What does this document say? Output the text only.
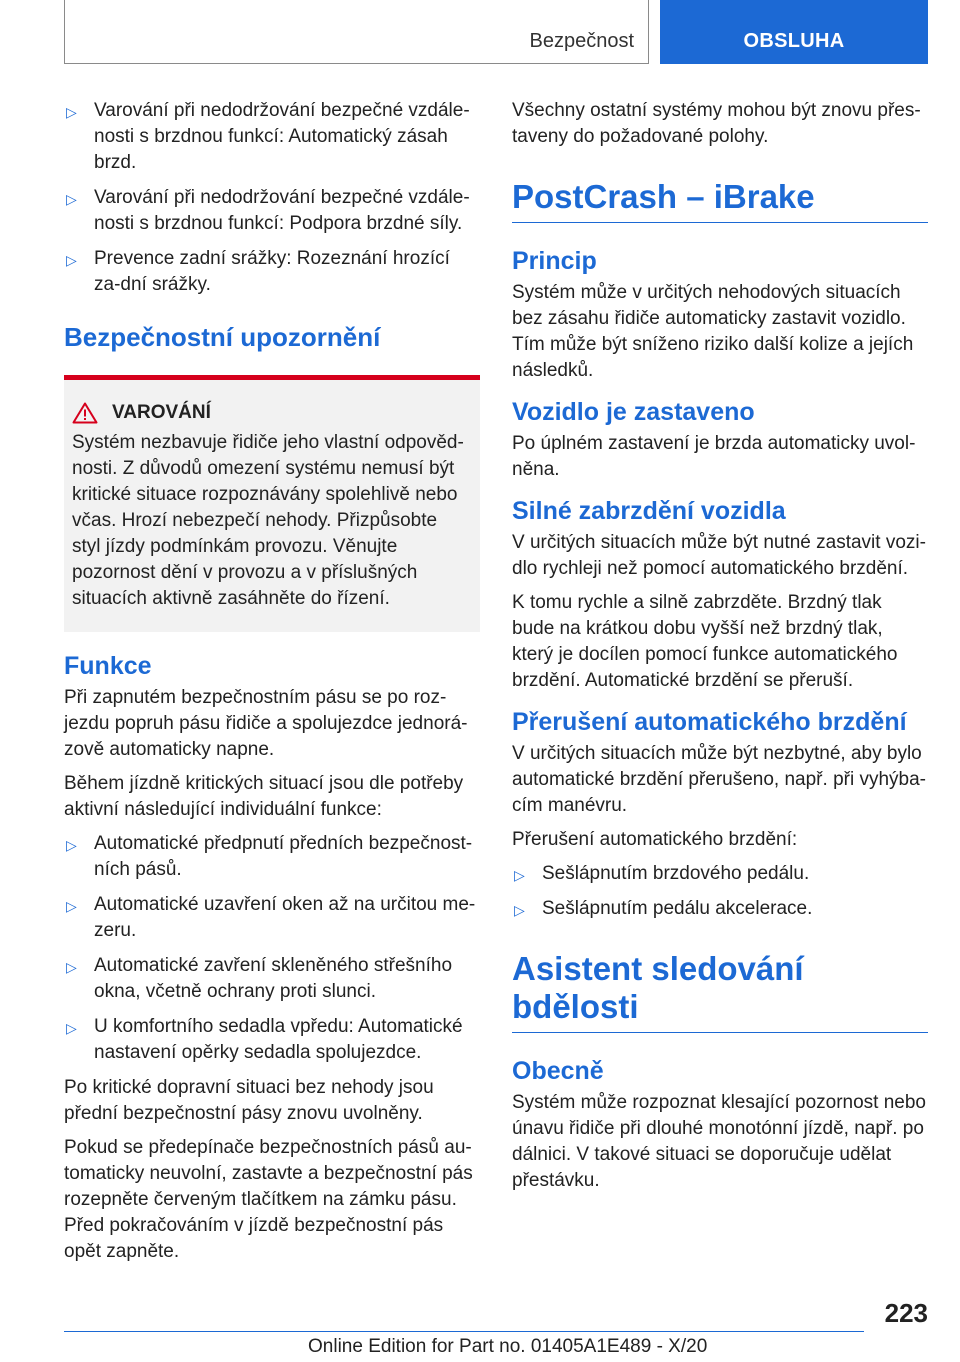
Bezpečnost	OBSLUHA
▷ Varování při nedodržování bezpečné vzdále-nosti s brzdnou funkcí: Automatický zásah brzd.
▷ Varování při nedodržování bezpečné vzdále-nosti s brzdnou funkcí: Podpora brzdné síly.
▷ Prevence zadní srážky: Rozeznání hrozící za-dní srážky.
Bezpečnostní upozornění
VAROVÁNÍ

Systém nezbavuje řidiče jeho vlastní odpověd-nosti. Z důvodů omezení systému nemusí být kritické situace rozpoznávány spolehlivě nebo včas. Hrozí nebezpečí nehody. Přizpůsobte styl jízdy podmínkám provozu. Věnujte pozornost dění v provozu a v příslušných situacích aktivně zasáhněte do řízení.

Funkce

Při zapnutém bezpečnostním pásu se po roz-jezdu popruh pásu řidiče a spolujezdce jednorá-zově automaticky napne.

Během jízdně kritických situací jsou dle potřeby aktivní následující individuální funkce:

▷ Automatické předpnutí předních bezpečnost-ních pásů.
▷ Automatické uzavření oken až na určitou me-zeru.
▷ Automatické zavření skleněného střešního okna, včetně ochrany proti slunci.
▷ U komfortního sedadla vpředu: Automatické nastavení opěrky sedadla spolujezdce.

Po kritické dopravní situaci bez nehody jsou přední bezpečnostní pásy znovu uvolněny.

Pokud se předepínače bezpečnostních pásů au-tomaticky neuvolní, zastavte a bezpečnostní pás rozepněte červeným tlačítkem na zámku pásu. Před pokračováním v jízdě bezpečnostní pás opět zapněte.

Všechny ostatní systémy mohou být znovu přes-taveny do požadované polohy.

PostCrash – iBrake
Princip

Systém může v určitých nehodových situacích bez zásahu řidiče automaticky zastavit vozidlo. Tím může být sníženo riziko další kolize a jejích následků.

Vozidlo je zastaveno

Po úplném zastavení je brzda automaticky uvol-něna.

Silné zabrzdění vozidla

V určitých situacích může být nutné zastavit vozi-dlo rychleji než pomocí automatického brzdění.

K tomu rychle a silně zabrzděte. Brzdný tlak bude na krátkou dobu vyšší než brzdný tlak, který je docílen pomocí funkce automatického brzdění. Automatické brzdění se přeruší.

Přerušení automatického brzdění

V určitých situacích může být nezbytné, aby bylo automatické brzdění přerušeno, např. při vyhýba-cím manévru.

Přerušení automatického brzdění:

▷ Sešlápnutím brzdového pedálu.
▷ Sešlápnutím pedálu akcelerace.
Asistent sledování bdělosti
Obecně

Systém může rozpoznat klesající pozornost nebo únavu řidiče při dlouhé monotónní jízdě, např. po dálnici. V takové situaci se doporučuje udělat přestávku.

223
Online Edition for Part no. 01405A1E489 - X/20
